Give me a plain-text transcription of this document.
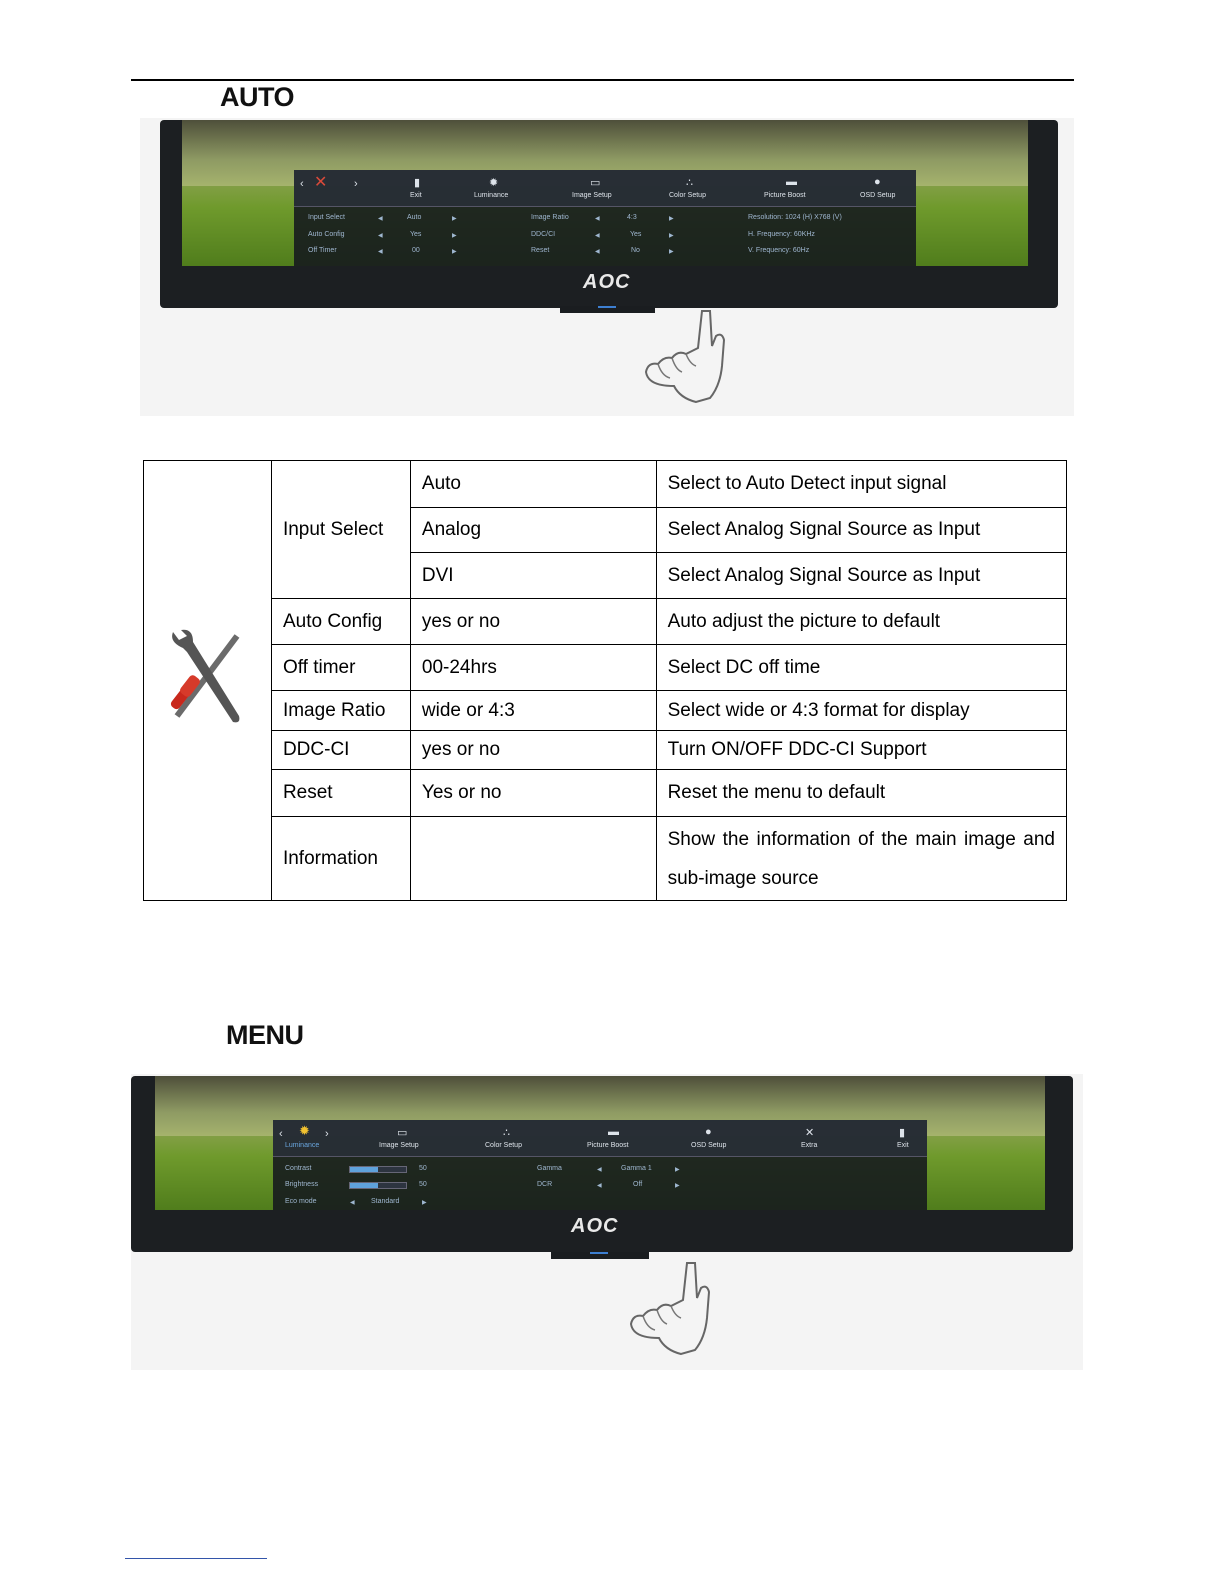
AUTO
✕
‹	›	▮
Exit
✹
Luminance
▭
Image Setup
∴
Color Setup
▬
Picture Boost
●
OSD Setup
Input Select	◀	Auto	▶
Auto Config	◀	Yes	▶
Off Timer	◀	00	▶
Image Ratio	◀	4:3	▶
DDC/CI	◀	Yes	▶
Reset	◀	No	▶
Resolution: 1024 (H) X768 (V)
H. Frequency: 60KHz
V. Frequency: 60Hz
AOC
	Input Select	Auto	Select to Auto Detect input signal
		Analog	Select Analog Signal Source as Input
		DVI	Select Analog Signal Source as Input
	Auto Config	yes or no	Auto adjust the picture to default
	Off timer	00-24hrs	Select DC off time
	Image Ratio	wide or 4:3	Select wide or 4:3 format for display
	DDC-CI	yes or no	Turn ON/OFF DDC-CI Support
	Reset	Yes or no	Reset the menu to default
	Information		Show the information of the main image and sub-image source
MENU
‹ ✹ ›
Luminance
▭
Image Setup
∴
Color Setup
▬
Picture Boost
●
OSD Setup
✕
Extra
▮
Exit
Contrast	50
Brightness	50
Eco mode	◀ Standard	▶
Gamma	◀	Gamma 1	▶
DCR	◀	Off	▶
AOC
